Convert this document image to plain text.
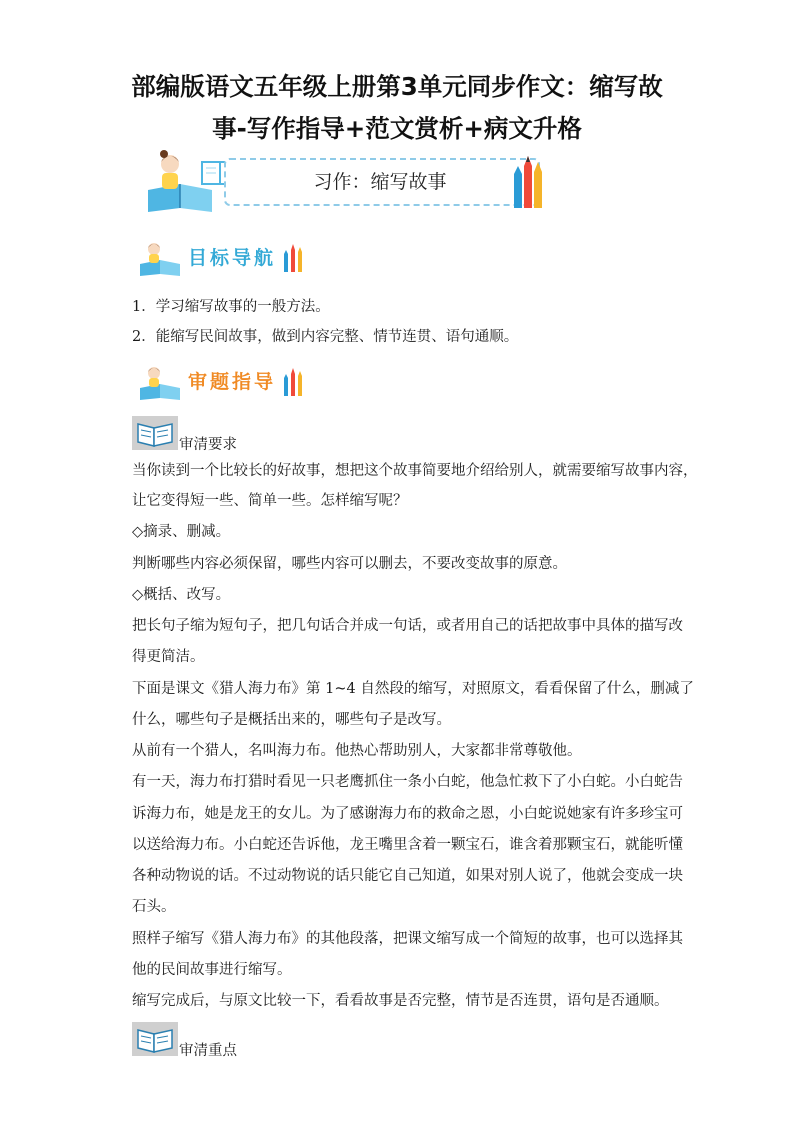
部编版语文五年级上册第3单元同步作文：缩写故
事-写作指导+范文赏析+病文升格
习作：缩写故事
目标导航
1．学习缩写故事的一般方法。
2．能缩写民间故事，做到内容完整、情节连贯、语句通顺。
审题指导
审清要求
当你读到一个比较长的好故事，想把这个故事简要地介绍给别人，就需要缩写故事内容，
让它变得短一些、简单一些。怎样缩写呢？
◇摘录、删减。
判断哪些内容必须保留，哪些内容可以删去，不要改变故事的原意。
◇概括、改写。
把长句子缩为短句子，把几句话合并成一句话，或者用自己的话把故事中具体的描写改
得更简洁。
下面是课文《猎人海力布》第 1~4 自然段的缩写，对照原文，看看保留了什么，删减了
什么，哪些句子是概括出来的，哪些句子是改写。
从前有一个猎人，名叫海力布。他热心帮助别人，大家都非常尊敬他。
有一天，海力布打猎时看见一只老鹰抓住一条小白蛇，他急忙救下了小白蛇。小白蛇告
诉海力布，她是龙王的女儿。为了感谢海力布的救命之恩，小白蛇说她家有许多珍宝可
以送给海力布。小白蛇还告诉他，龙王嘴里含着一颗宝石，谁含着那颗宝石，就能听懂
各种动物说的话。不过动物说的话只能它自己知道，如果对别人说了，他就会变成一块
石头。
照样子缩写《猎人海力布》的其他段落，把课文缩写成一个简短的故事，也可以选择其
他的民间故事进行缩写。
缩写完成后，与原文比较一下，看看故事是否完整，情节是否连贯，语句是否通顺。
审清重点
